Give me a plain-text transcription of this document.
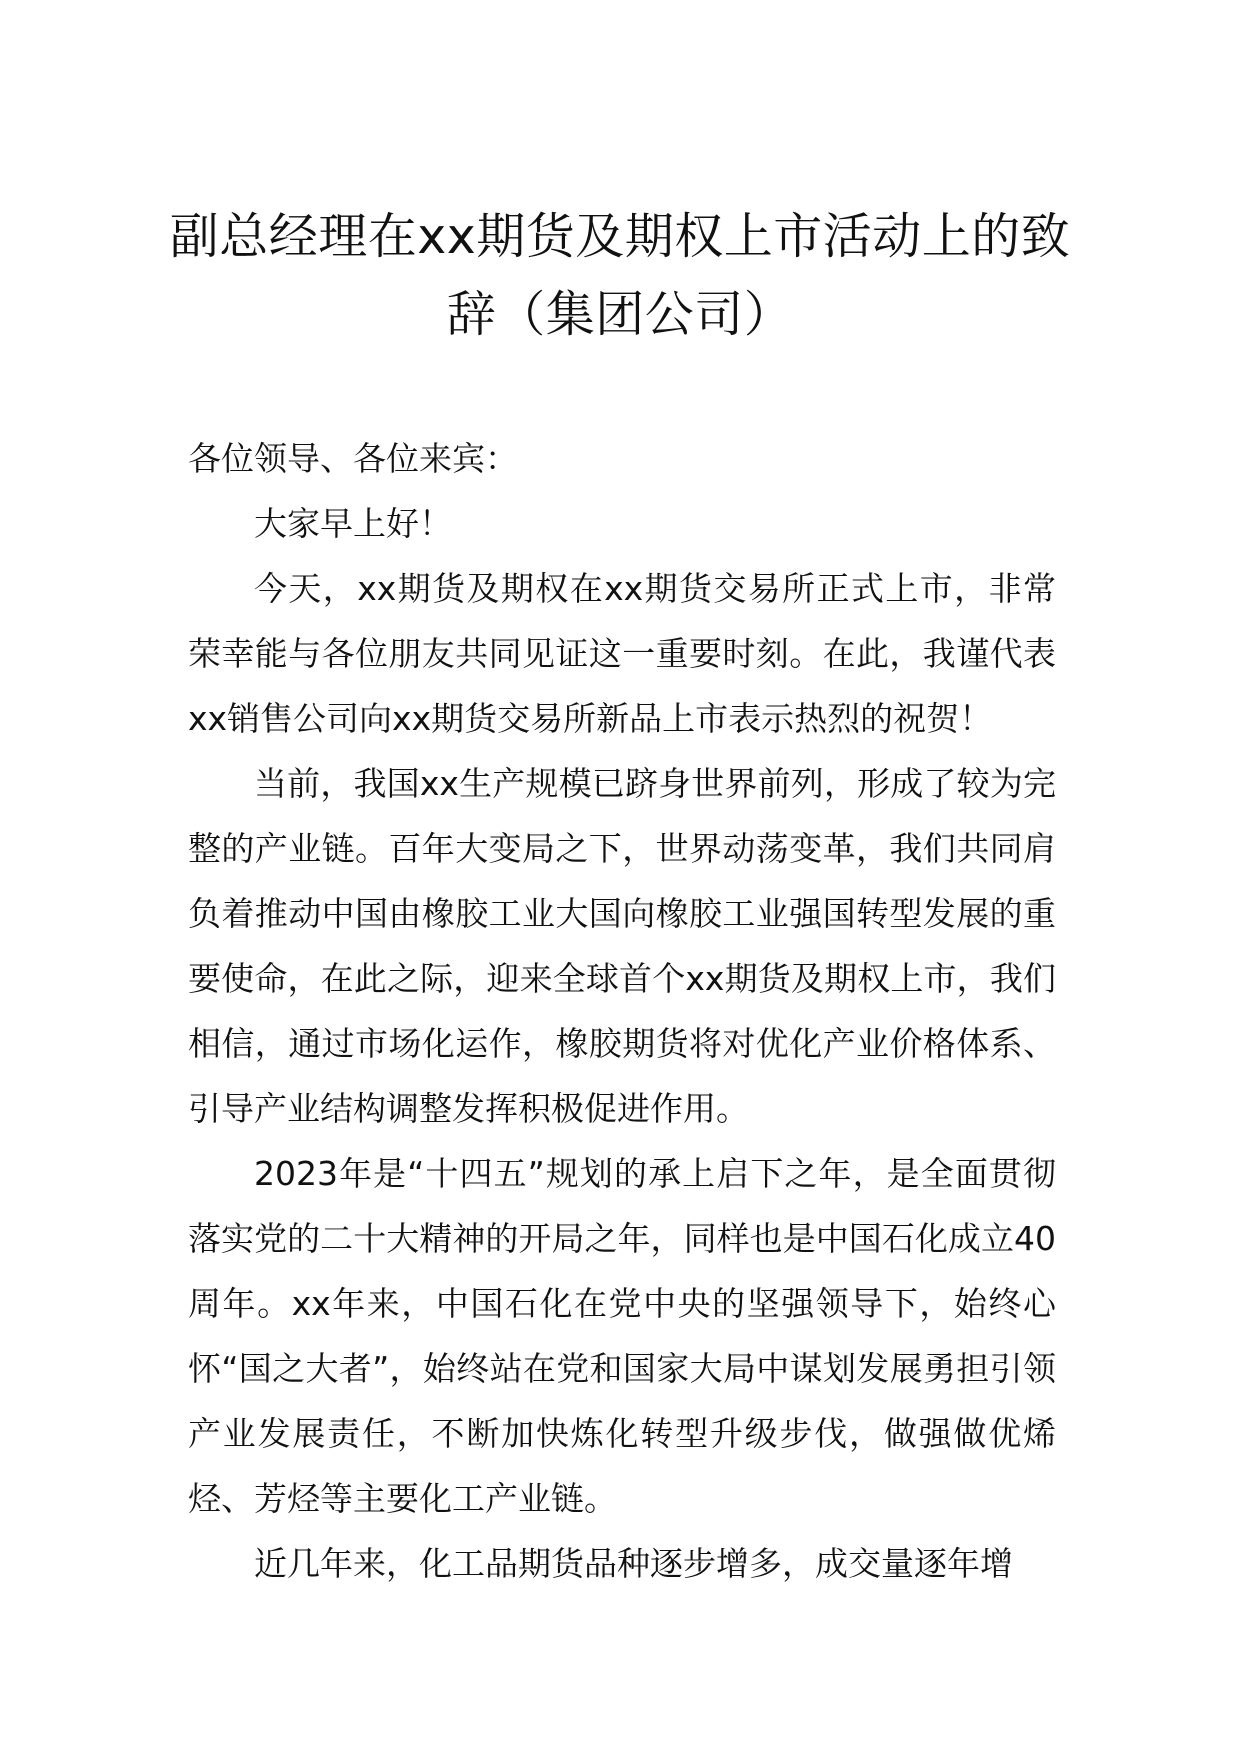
副总经理在xx期货及期权上市活动上的致辞（集团公司）

各位领导、各位来宾：

大家早上好！

今天，xx期货及期权在xx期货交易所正式上市，非常荣幸能与各位朋友共同见证这一重要时刻。在此，我谨代表xx销售公司向xx期货交易所新品上市表示热烈的祝贺！

当前，我国xx生产规模已跻身世界前列，形成了较为完整的产业链。百年大变局之下，世界动荡变革，我们共同肩负着推动中国由橡胶工业大国向橡胶工业强国转型发展的重要使命，在此之际，迎来全球首个xx期货及期权上市，我们相信，通过市场化运作，橡胶期货将对优化产业价格体系、引导产业结构调整发挥积极促进作用。

2023年是“十四五”规划的承上启下之年，是全面贯彻落实党的二十大精神的开局之年，同样也是中国石化成立40周年。xx年来，中国石化在党中央的坚强领导下，始终心怀“国之大者”，始终站在党和国家大局中谋划发展勇担引领产业发展责任，不断加快炼化转型升级步伐，做强做优烯烃、芳烃等主要化工产业链。

近几年来，化工品期货品种逐步增多，成交量逐年增
